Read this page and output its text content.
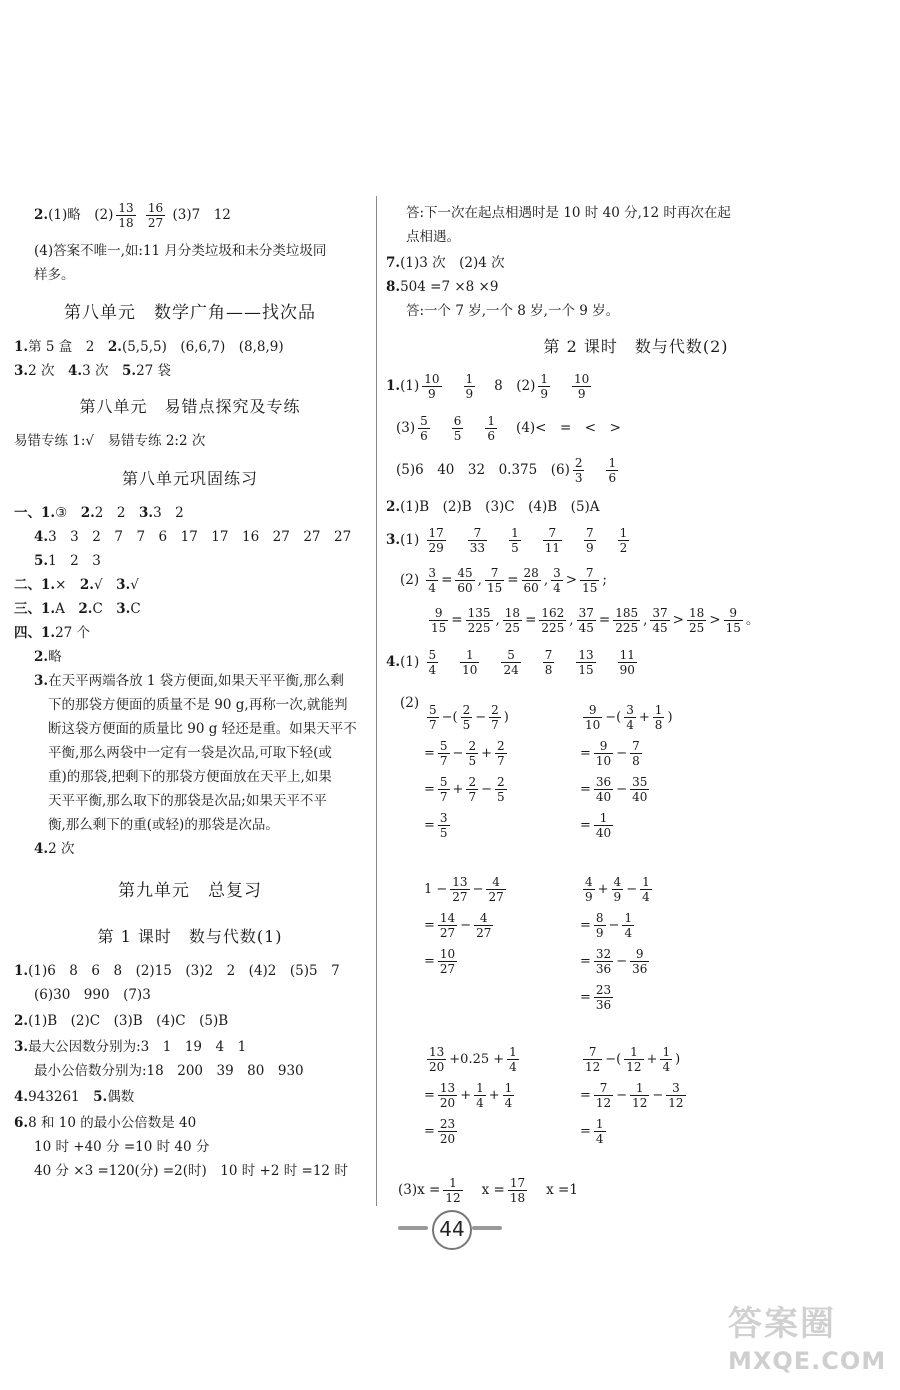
2.(1)略　$(2) \frac{13}{18}$
$\frac{16}{27} (3)7$　12
(4)答案不唯一,如:11 月分类垃圾和未分类垃圾同
样多。
第八单元　数学广角——找次品
1.第 5 盒　2　2.(5,5,5)　(6,6,7)　(8,8,9)
3.2 次　4.3 次　5.27 袋
第八单元　易错点探究及专练
易错专练 1:√　易错专练 2:2 次
第八单元巩固练习
一、1.③　2.2　2　3.3　2
4.3　3　2　7　7　6　17　17　16　27　27　27
5.1　2　3
二、1.×　2.√　3.√
三、1.A　2.C　3.C
四、1.27 个
2.略
3.在天平两端各放 1 袋方便面,如果天平平衡,那么剩
下的那袋方便面的质量不是 90 g,再称一次,就能判
断这袋方便面的质量比 90 g 轻还是重。如果天平不
平衡,那么两袋中一定有一袋是次品,可取下轻(或
重)的那袋,把剩下的那袋方便面放在天平上,如果
天平平衡,那么取下的那袋是次品;如果天平不平
衡,那么剩下的重(或轻)的那袋是次品。
4.2 次
第九单元　总复习
第 1 课时　数与代数(1)
1.(1)6　8　6　8　(2)15　(3)2　2　(4)2　(5)5　7
(6)30　990　(7)3
2.(1)B　(2)C　(3)B　(4)C　(5)B
3.最大公因数分别为:3　1　19　4　1
最小公倍数分别为:18　200　39　80　930
4.943261　5.偶数
6.8 和 10 的最小公倍数是 40
10 时 +40 分 =10 时 40 分
40 分 ×3 =120(分) =2(时)　10 时 +2 时 =12 时
答:下一次在起点相遇时是 10 时 40 分,12 时再次在起
点相遇。
7.(1)3 次　(2)4 次
8.504 =7 ×8 ×9
答:一个 7 岁,一个 8 岁,一个 9 岁。
第 2 课时　数与代数(2)
$1.(1) \frac{10}{9} \frac{1}{9} 8$　$(2) \frac{1}{9} \frac{10}{9}$
$(3) \frac{5}{6} \frac{6}{5} \frac{1}{6} (4)<$　=　<　>
(5)6　40　32　0.375　$(6) \frac{2}{3} \frac{1}{6}$
2.(1)B　(2)B　(3)C　(4)B　(5)A
$3.(1) \frac{17}{29} \frac{7}{33} \frac{1}{5} \frac{7}{11} \frac{7}{9} \frac{1}{2}$
$(2) \frac{3}{4} = \frac{45}{60}$ , $\frac{7}{15} = \frac{28}{60}$ , $\frac{3}{4} > \frac{7}{15}$ ;
$\frac{9}{15} = \frac{135}{225}$ , $\frac{18}{25} = \frac{162}{225}$ , $\frac{37}{45} = \frac{185}{225}$ , $\frac{37}{45} > \frac{18}{25} > \frac{9}{15}$ 。
$4.(1) \frac{5}{4} \frac{1}{10} \frac{5}{24} \frac{7}{8} \frac{13}{15} \frac{11}{90}$
$(2) \frac{5}{7}$ −( $\frac{2}{5} - \frac{2}{7}$ )
= $\frac{5}{7} - \frac{2}{5} + \frac{2}{7}$
= $\frac{5}{7} + \frac{2}{7} - \frac{2}{5}$
= $\frac{3}{5}$
$\frac{9}{10}$ −( $\frac{3}{4} + \frac{1}{8}$ )
= $\frac{9}{10} - \frac{7}{8}$
= $\frac{36}{40} - \frac{35}{40}$
= $\frac{1}{40}$
$1 - \frac{13}{27} - \frac{4}{27}$
= $\frac{14}{27} - \frac{4}{27}$
= $\frac{10}{27}$
$\frac{4}{9} + \frac{4}{9} - \frac{1}{4}$
= $\frac{8}{9} - \frac{1}{4}$
= $\frac{32}{36} - \frac{9}{36}$
= $\frac{23}{36}$
$\frac{13}{20} +0.25 + \frac{1}{4}$
= $\frac{13}{20} + \frac{1}{4} + \frac{1}{4}$
= $\frac{23}{20}$
$\frac{7}{12}$ −( $\frac{1}{12} + \frac{1}{4}$ )
= $\frac{7}{12} - \frac{1}{12} - \frac{3}{12}$
= $\frac{1}{4}$
$(3)x = \frac{1}{12}$ $x = \frac{17}{18}$ x =1
44
答案圈
MXQE.COM
